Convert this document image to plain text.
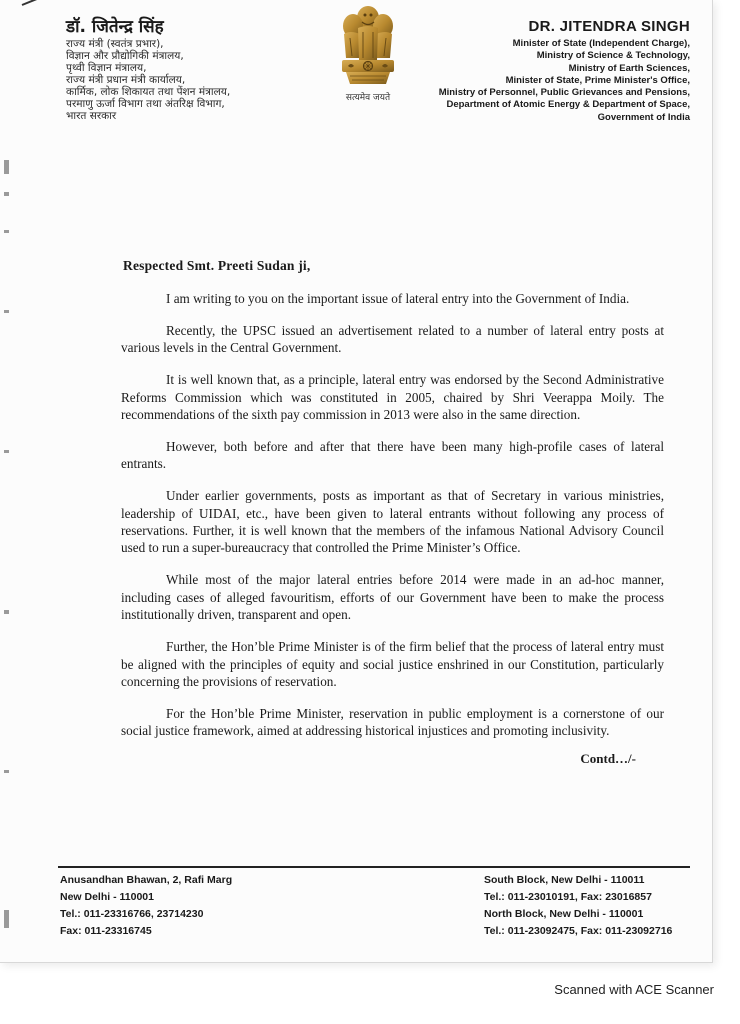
डॉ. जितेन्द्र सिंह
राज्य मंत्री (स्वतंत्र प्रभार),
विज्ञान और प्रौद्योगिकी मंत्रालय,
पृथ्वी विज्ञान मंत्रालय,
राज्य मंत्री प्रधान मंत्री कार्यालय,
कार्मिक, लोक शिकायत तथा पेंशन मंत्रालय,
परमाणु ऊर्जा विभाग तथा अंतरिक्ष विभाग,
भारत सरकार
सत्यमेव जयते
DR. JITENDRA SINGH
Minister of State (Independent Charge),
Ministry of Science & Technology,
Ministry of Earth Sciences,
Minister of State, Prime Minister's Office,
Ministry of Personnel, Public Grievances and Pensions,
Department of Atomic Energy & Department of Space,
Government of India
Respected Smt. Preeti Sudan ji,

I am writing to you on the important issue of lateral entry into the Government of India.

Recently, the UPSC issued an advertisement related to a number of lateral entry posts at various levels in the Central Government.

It is well known that, as a principle, lateral entry was endorsed by the Second Administrative Reforms Commission which was constituted in 2005, chaired by Shri Veerappa Moily. The recommendations of the sixth pay commission in 2013 were also in the same direction.

However, both before and after that there have been many high-profile cases of lateral entrants.

Under earlier governments, posts as important as that of Secretary in various ministries, leadership of UIDAI, etc., have been given to lateral entrants without following any process of reservations. Further, it is well known that the members of the infamous National Advisory Council used to run a super-bureaucracy that controlled the Prime Minister’s Office.

While most of the major lateral entries before 2014 were made in an ad-hoc manner, including cases of alleged favouritism, efforts of our Government have been to make the process institutionally driven, transparent and open.

Further, the Hon’ble Prime Minister is of the firm belief that the process of lateral entry must be aligned with the principles of equity and social justice enshrined in our Constitution, particularly concerning the provisions of reservation.

For the Hon’ble Prime Minister, reservation in public employment is a cornerstone of our social justice framework, aimed at addressing historical injustices and promoting inclusivity.

Contd…/-
Anusandhan Bhawan, 2, Rafi Marg
New Delhi - 110001
Tel.: 011-23316766, 23714230
Fax: 011-23316745
South Block, New Delhi - 110011
Tel.: 011-23010191, Fax: 23016857
North Block, New Delhi - 110001
Tel.: 011-23092475, Fax: 011-23092716
Scanned with ACE Scanner
